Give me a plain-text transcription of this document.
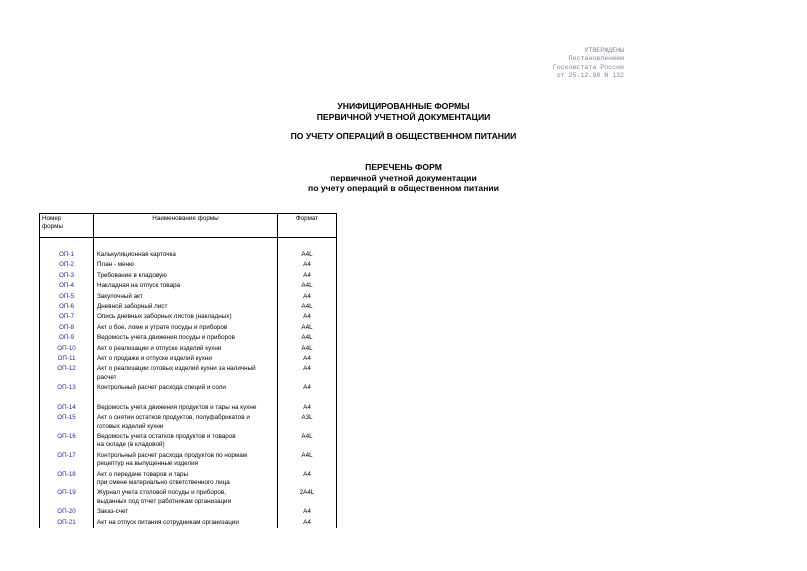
УТВЕРЖДЕНЫ
Постановлением
Госкомстата России
от 25.12.98 N 132
УНИФИЦИРОВАННЫЕ ФОРМЫ
ПЕРВИЧНОЙ УЧЕТНОЙ ДОКУМЕНТАЦИИ
ПО УЧЕТУ ОПЕРАЦИЙ В ОБЩЕСТВЕННОМ ПИТАНИИ
ПЕРЕЧЕНЬ ФОРМ
первичной учетной документации
по учету операций в общественном питании
Номер
формы	Наименование формы	Формат

ОП-1	Калькуляционная карточка	A4L
ОП-2	План - меню	A4
ОП-3	Требование в кладовую	A4
ОП-4	Накладная на отпуск товара	A4L
ОП-5	Закупочный акт	A4
ОП-6	Дневной заборный лист	A4L
ОП-7	Опись дневных заборных листов (накладных)	A4
ОП-8	Акт о бое, ломе и утрате посуды и приборов	A4L
ОП-9	Ведомость учета движения посуды и приборов	A4L
ОП-10	Акт о реализации и отпуске изделий кухни	A4L
ОП-11	Акт о продаже и отпуске изделий кухни	A4
ОП-12	Акт о реализации готовых изделий кухни за наличный
расчет	A4
ОП-13	Контрольный расчет расхода специй и соли	A4

ОП-14	Ведомость учета движения продуктов и тары на кухне	A4
ОП-15	Акт о снятии остатков продуктов, полуфабрикатов и
готовых изделий кухни	A3L
ОП-16	Ведомость учета остатков продуктов и товаров
на складе (в кладовой)	A4L
ОП-17	Контрольный расчет расхода продуктов по нормам
рецептур на выпущенные изделия	A4L
ОП-18	Акт о передаче товаров и тары
при смене материально ответственного лица	A4
ОП-19	Журнал учета столовой посуды и приборов,
выданных под отчет работникам организации	2A4L
ОП-20	Заказ-счет	A4
ОП-21	Акт на отпуск питания сотрудникам организации	A4
